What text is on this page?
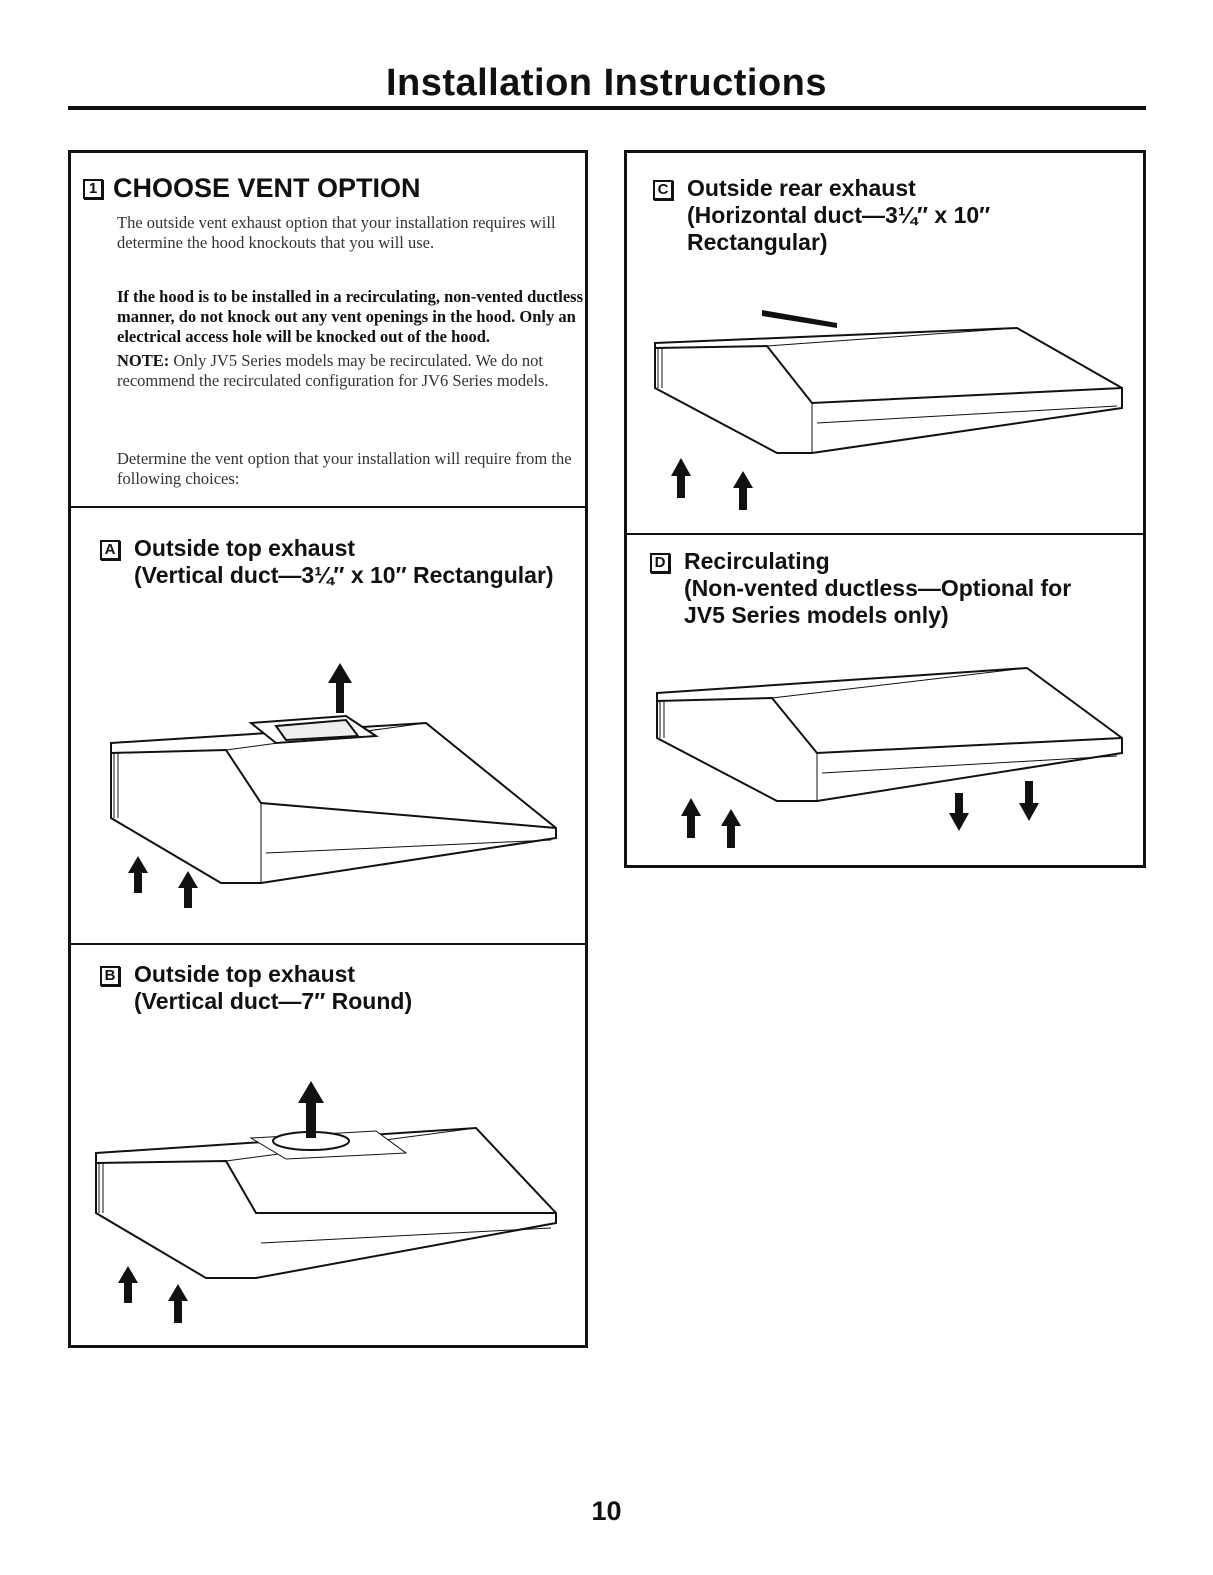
Installation Instructions
1 CHOOSE VENT OPTION
The outside vent exhaust option that your installation requires will determine the hood knockouts that you will use.
If the hood is to be installed in a recirculating, non-vented ductless manner, do not knock out any vent openings in the hood. Only an electrical access hole will be knocked out of the hood.
NOTE: Only JV5 Series models may be recirculated. We do not recommend the recirculated configuration for JV6 Series models.
Determine the vent option that your installation will require from the following choices:
A Outside top exhaust
(Vertical duct—3¼″ x 10″ Rectangular)
B Outside top exhaust
(Vertical duct—7″ Round)
C Outside rear exhaust
(Horizontal duct—3¼″ x 10″
Rectangular)
D Recirculating
(Non-vented ductless—Optional for
JV5 Series models only)
10
